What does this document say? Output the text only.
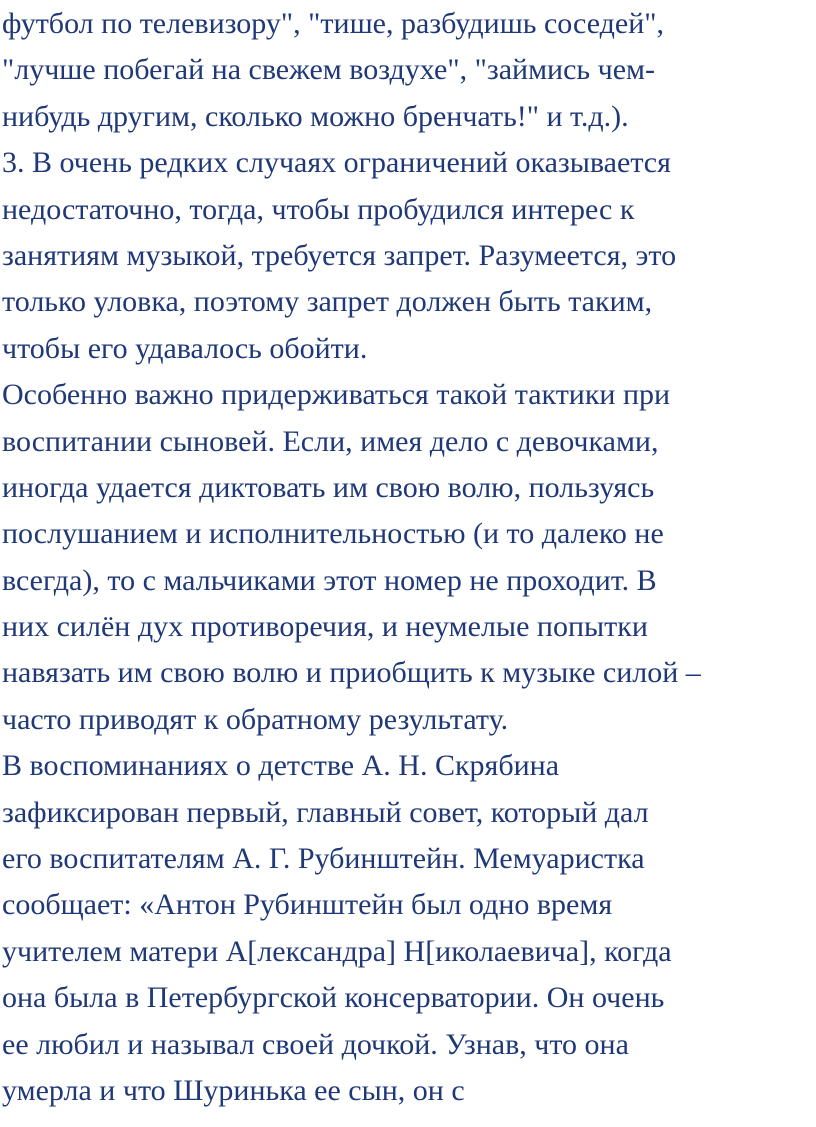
футбол по телевизору", "тише, разбудишь соседей",
"лучше побегай на свежем воздухе", "займись чем-
нибудь другим, сколько можно бренчать!" и т.д.).
3. В очень редких случаях ограничений оказывается
недостаточно, тогда, чтобы пробудился интерес к
занятиям музыкой, требуется запрет. Разумеется, это
только уловка, поэтому запрет должен быть таким,
чтобы его удавалось обойти.
Особенно важно придерживаться такой тактики при
воспитании сыновей. Если, имея дело с девочками,
иногда удается диктовать им свою волю, пользуясь
послушанием и исполнительностью (и то далеко не
всегда), то с мальчиками этот номер не проходит. В
них силён дух противоречия, и неумелые попытки
навязать им свою волю и приобщить к музыке силой –
часто приводят к обратному результату.
В воспоминаниях о детстве А. Н. Скрябина
зафиксирован первый, главный совет, который дал
его воспитателям А. Г. Рубинштейн. Мемуаристка
сообщает: «Антон Рубинштейн был одно время
учителем матери А[лександра] Н[иколаевича], когда
она была в Петербургской консерватории. Он очень
ее любил и называл своей дочкой. Узнав, что она
умерла и что Шуринька ее сын, он с
